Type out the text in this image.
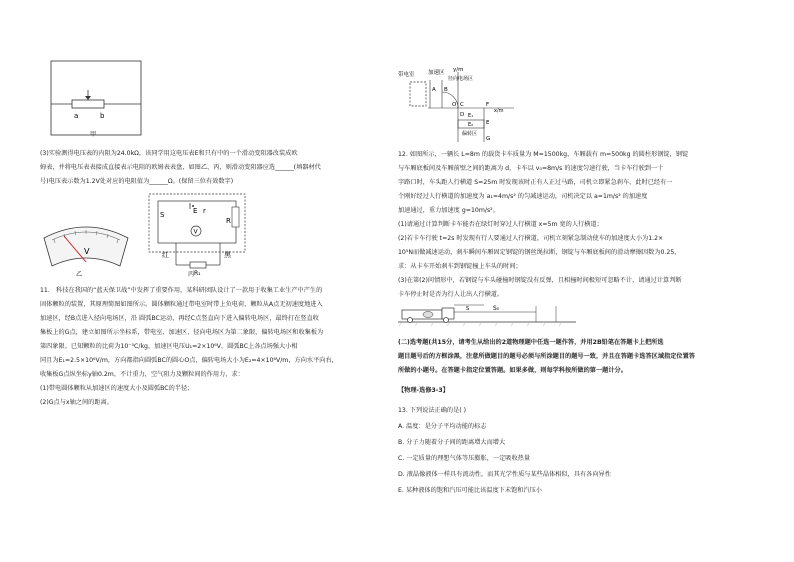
a	b
甲
(3)实验测得电压表的内阻为24.0kΩ，该同学用这电压表E和只有中的一个滑动变阻器改装成欧
姆表，并将电压表表接成直接表示电阻的欧姆表表盘，如图乙、丙，则滑动变阻器应选______(填器材代
号)电压表示数为1.2V处对应的电阻值为______Ω。(保留三位有效数字)
V
乙
S	E r
R
V
红	黑
R₁
丙
11． 科技在我国的“蓝天保卫战”中发挥了重要作用，某科研团队设计了一款用于收集工业生产中产生的
固体颗粒的装置，其原理简图如图所示。圆体颗粒通过带电室时带上负电荷，颗粒从A点无初速度地进入
加速区，经B点进入径向电场区，沿 圆弧BC运动，再经C点竖直向下进入偏转电场区，最终打在竖直收
集板上的G点，建立如图所示坐标系，带电室、加速区、径向电场区为第二象限，偏转电场区和收集板为
第四象限。已知颗粒的比荷为10⁻⁵C/kg，加速区电压U₁=2×10⁶V，圆弧BC上各点场强大小相
同且为E₁=2.5×10⁶V/m，方向都指向圆弧BC的圆心O点，偏转电场大小为E₂=4×10⁶V/m，方向水平向右，
收集板G点纵坐标y轴0.2m，不计重力，空气阻力及颗粒间的作用力，求：
(1)带电圆体颗粒从加速区的速度大小及圆弧BC的半径；
(2)G点与x轴之间的距离。
带电室 加速区 y/m
径向电场区
A B
O C
D
F
x/m
E₁
E₂
偏转区
E
G
12. 如图所示，一辆长 L=8m 的载货卡车质量为 M=1500kg，车厢载有 m=500kg 的圆柱形钢锭，钢锭
与车厢底板间及车厢前壁之间的距离为 d，卡车以 v₀=8m/s 的速度匀速行驶，当卡车行驶到一十
字路口时，车头距人行横道 S=25m 时发现该时正有人正过马路，司机立即紧急刹车，此时已经有一
个刚好经过人行横道的加速度为 a₁=4m/s² 的匀减速运动，司机决定以 a=1m/s² 的加速度
加速通过，重力加速度 g=10m/s²。
(1)请通过计算判断卡车能否在绿灯时穿过人行横道 x=5m 宽的人行横道；
(2)若卡车行驶 t=2s 时发现有行人要通过人行横道，司机立刻紧急制动使车的加速度大小为1.2×
10⁵N而做减速运动，刹车瞬间车厢固定钢锭的钢丝绳拉断，钢锭与车厢底板间的滑动摩擦因数为0.25，
求：从卡车开始刹车到钢锭撞上车头的时间；
(3)在第(2)问情形中，若钢锭与车头碰撞时钢锭没有反弹，且相撞时间极短可忽略不计，请通过计算判断
卡车停止时是否为行人让出人行横道。
S₀
S
(二)选考题(共15分，请考生从给出的2道物理题中任选一题作答，并用2B铅笔在答题卡上把所选
题目题号后的方框涂黑，注意所做题目的题号必须与所涂题目的题号一致，并且在答题卡选答区域指定位置答
所做的小题号。在答题卡指定位置答题。如果多做，则每学科按所做的第一题计分。
【物理-选修3-3】
13. 下列说法正确的是( )
A. 温度：是分子平均动能的标志
B. 分子力随着分子间的距离增大而增大
C. 一定质量的理想气体等压膨胀，一定吸收热量
D. 液晶像液体一样具有流动性，而其光学性质与某些晶体相似，具有各向异性
E. 某种液体的饱和汽压可能比该温度下未饱和汽压小
